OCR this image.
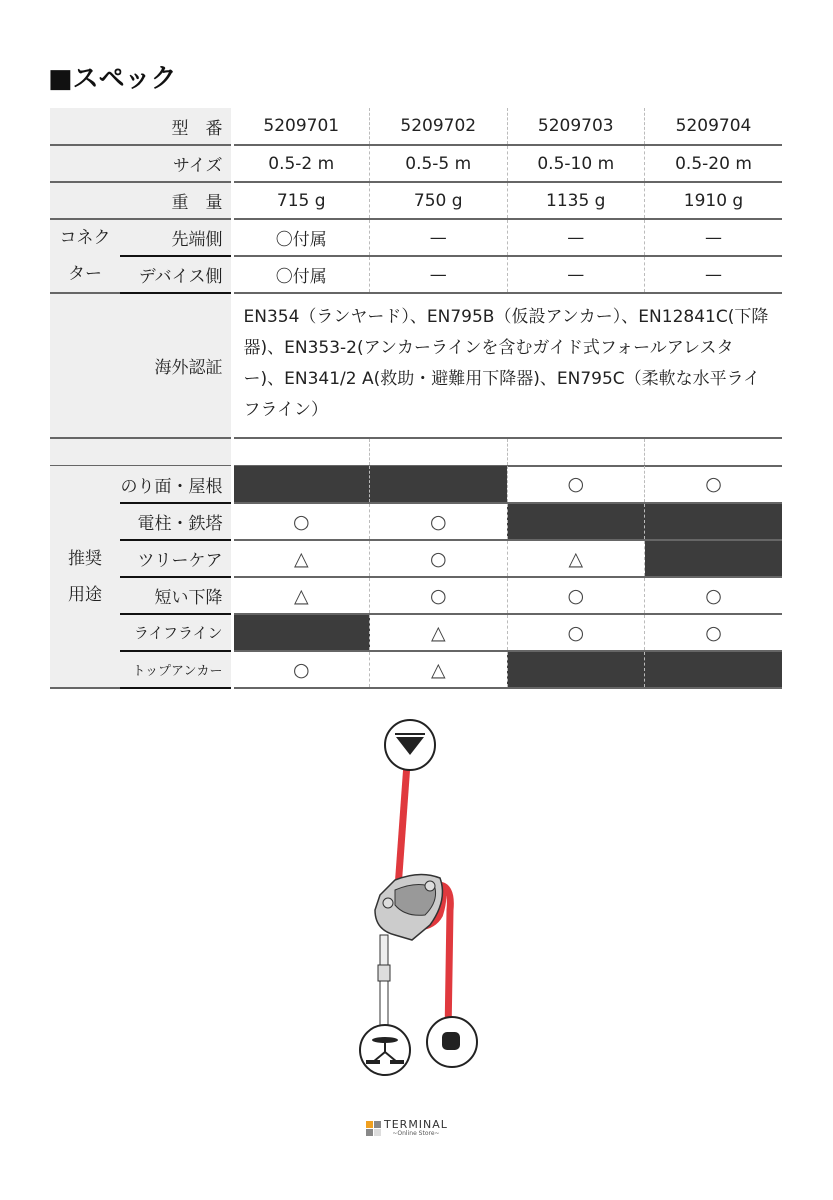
■スペック
型　番		5209701	5209702	5209703	5209704
サイズ		0.5-2 m	0.5-5 m	0.5-10 m	0.5-20 m
重　量		715 g	750 g	1135 g	1910 g
コネクター	先端側	〇付属	—	—	—
	デバイス側	〇付属	—	—	—
海外認証		EN354（ランヤード）、EN795B（仮設アンカー）、EN12841C(下降器)、EN353-2(アンカーラインを含むガイド式フォールアレスター)、EN341/2 A(救助・避難用下降器)、EN795C（柔軟な水平ライフライン）			

推奨用途	のり面・屋根			○	○
	電柱・鉄塔	○	○		
	ツリーケア	△	○	△	
	短い下降	△	○	○	○
	ライフライン		△	○	○
	トップアンカー	○	△		
TERMINAL
~Online Store~
